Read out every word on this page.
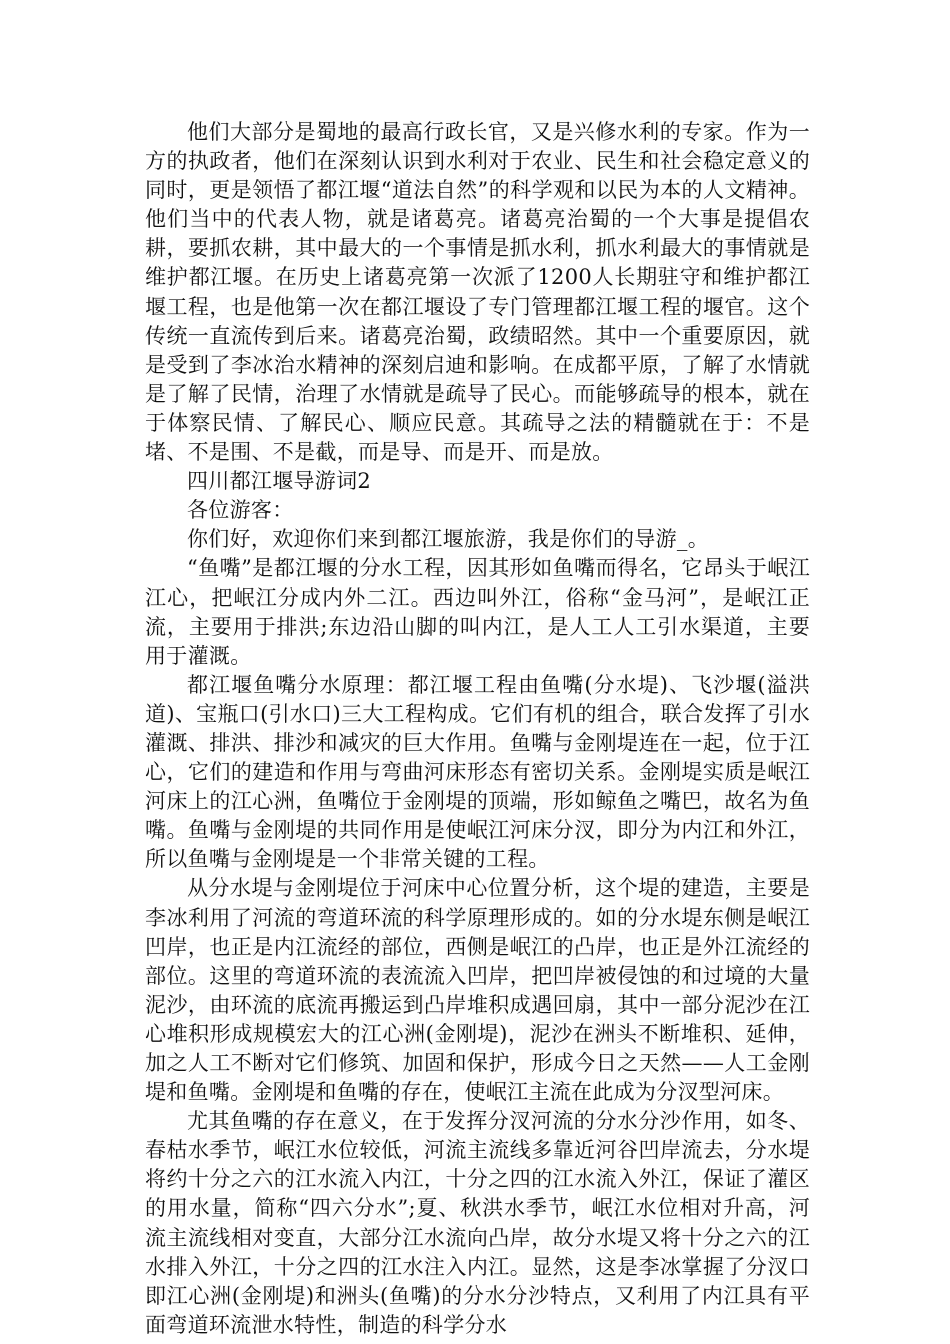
他们大部分是蜀地的最高行政长官，又是兴修水利的专家。作为一方的执政者，他们在深刻认识到水利对于农业、民生和社会稳定意义的同时，更是领悟了都江堰“道法自然”的科学观和以民为本的人文精神。他们当中的代表人物，就是诸葛亮。诸葛亮治蜀的一个大事是提倡农耕，要抓农耕，其中最大的一个事情是抓水利，抓水利最大的事情就是维护都江堰。在历史上诸葛亮第一次派了1200人长期驻守和维护都江堰工程，也是他第一次在都江堰设了专门管理都江堰工程的堰官。这个传统一直流传到后来。诸葛亮治蜀，政绩昭然。其中一个重要原因，就是受到了李冰治水精神的深刻启迪和影响。在成都平原，了解了水情就是了解了民情，治理了水情就是疏导了民心。而能够疏导的根本，就在于体察民情、了解民心、顺应民意。其疏导之法的精髓就在于：不是堵、不是围、不是截，而是导、而是开、而是放。

四川都江堰导游词2

各位游客：

你们好，欢迎你们来到都江堰旅游，我是你们的导游_。

“鱼嘴”是都江堰的分水工程，因其形如鱼嘴而得名，它昂头于岷江江心，把岷江分成内外二江。西边叫外江，俗称“金马河”，是岷江正流，主要用于排洪;东边沿山脚的叫内江，是人工人工引水渠道，主要用于灌溉。

都江堰鱼嘴分水原理：都江堰工程由鱼嘴(分水堤)、飞沙堰(溢洪道)、宝瓶口(引水口)三大工程构成。它们有机的组合，联合发挥了引水灌溉、排洪、排沙和减灾的巨大作用。鱼嘴与金刚堤连在一起，位于江心，它们的建造和作用与弯曲河床形态有密切关系。金刚堤实质是岷江河床上的江心洲，鱼嘴位于金刚堤的顶端，形如鲸鱼之嘴巴，故名为鱼嘴。鱼嘴与金刚堤的共同作用是使岷江河床分汊，即分为内江和外江，所以鱼嘴与金刚堤是一个非常关键的工程。

从分水堤与金刚堤位于河床中心位置分析，这个堤的建造，主要是李冰利用了河流的弯道环流的科学原理形成的。如的分水堤东侧是岷江凹岸，也正是内江流经的部位，西侧是岷江的凸岸，也正是外江流经的部位。这里的弯道环流的表流流入凹岸，把凹岸被侵蚀的和过境的大量泥沙，由环流的底流再搬运到凸岸堆积成遇回扇，其中一部分泥沙在江心堆积形成规模宏大的江心洲(金刚堤)，泥沙在洲头不断堆积、延伸，加之人工不断对它们修筑、加固和保护，形成今日之天然——人工金刚堤和鱼嘴。金刚堤和鱼嘴的存在，使岷江主流在此成为分汊型河床。

尤其鱼嘴的存在意义，在于发挥分汊河流的分水分沙作用，如冬、春枯水季节，岷江水位较低，河流主流线多靠近河谷凹岸流去，分水堤将约十分之六的江水流入内江，十分之四的江水流入外江，保证了灌区的用水量，简称“四六分水”;夏、秋洪水季节，岷江水位相对升高，河流主流线相对变直，大部分江水流向凸岸，故分水堤又将十分之六的江水排入外江，十分之四的江水注入内江。显然，这是李冰掌握了分汊口即江心洲(金刚堤)和洲头(鱼嘴)的分水分沙特点，又利用了内江具有平面弯道环流泄水特性，制造的科学分水
